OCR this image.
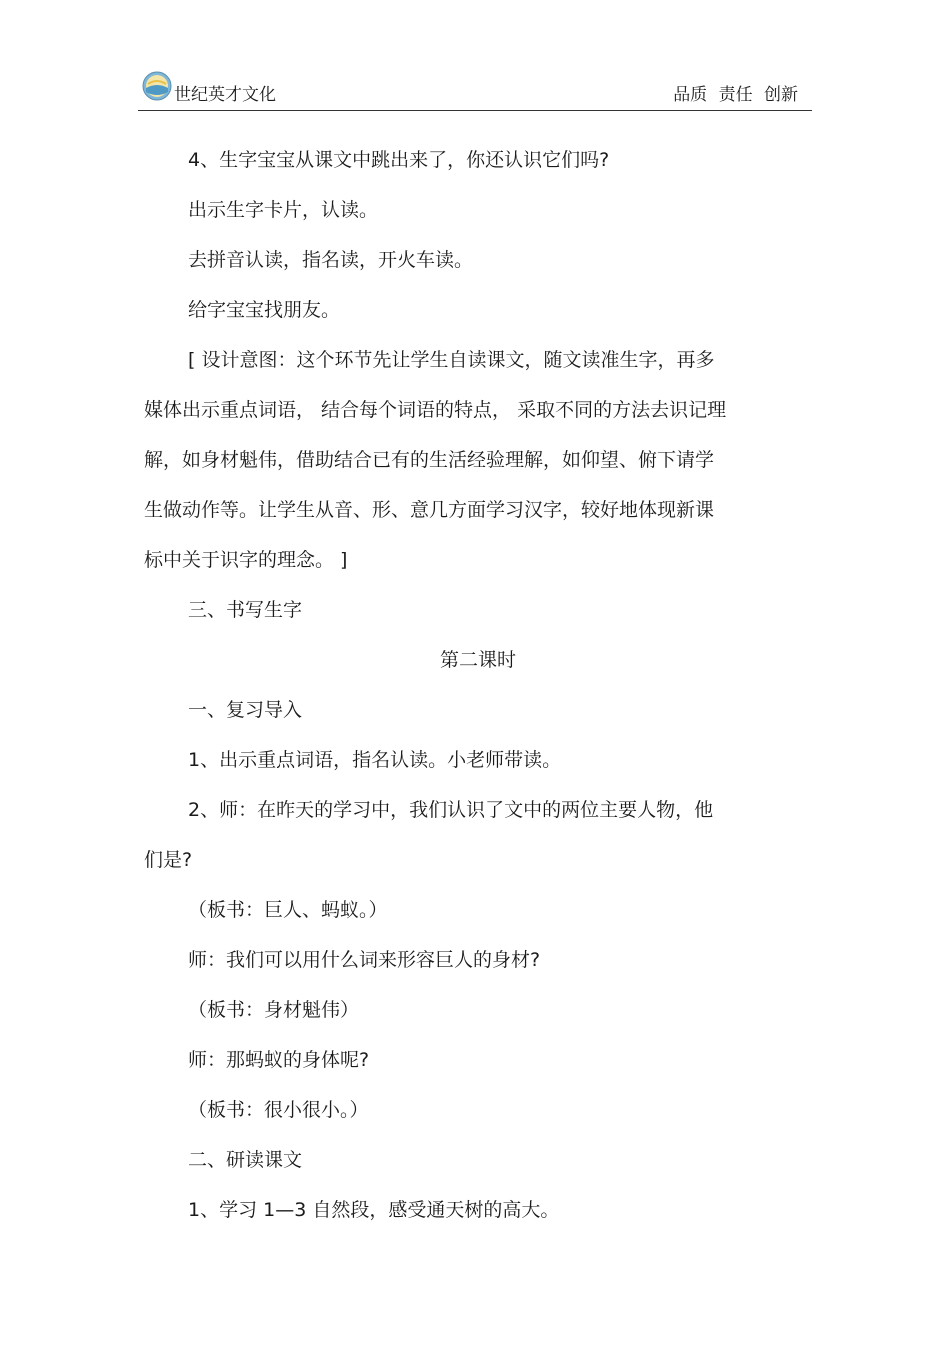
世纪英才文化	品质 责任 创新

4、生字宝宝从课文中跳出来了，你还认识它们吗?

出示生字卡片，认读。

去拼音认读，指名读，开火车读。

给字宝宝找朋友。

[ 设计意图：这个环节先让学生自读课文，随文读准生字，再多

媒体出示重点词语， 结合每个词语的特点， 采取不同的方法去识记理

解，如身材魁伟，借助结合已有的生活经验理解，如仰望、俯下请学

生做动作等。让学生从音、形、意几方面学习汉字，较好地体现新课

标中关于识字的理念。 ]

三、书写生字

第二课时

一、复习导入

1、出示重点词语，指名认读。小老师带读。

2、师：在昨天的学习中，我们认识了文中的两位主要人物，他

们是?

（板书：巨人、蚂蚁。）

师：我们可以用什么词来形容巨人的身材?

（板书：身材魁伟）

师：那蚂蚁的身体呢?

（板书：很小很小。）

二、研读课文

1、学习 1—3 自然段，感受通天树的高大。
